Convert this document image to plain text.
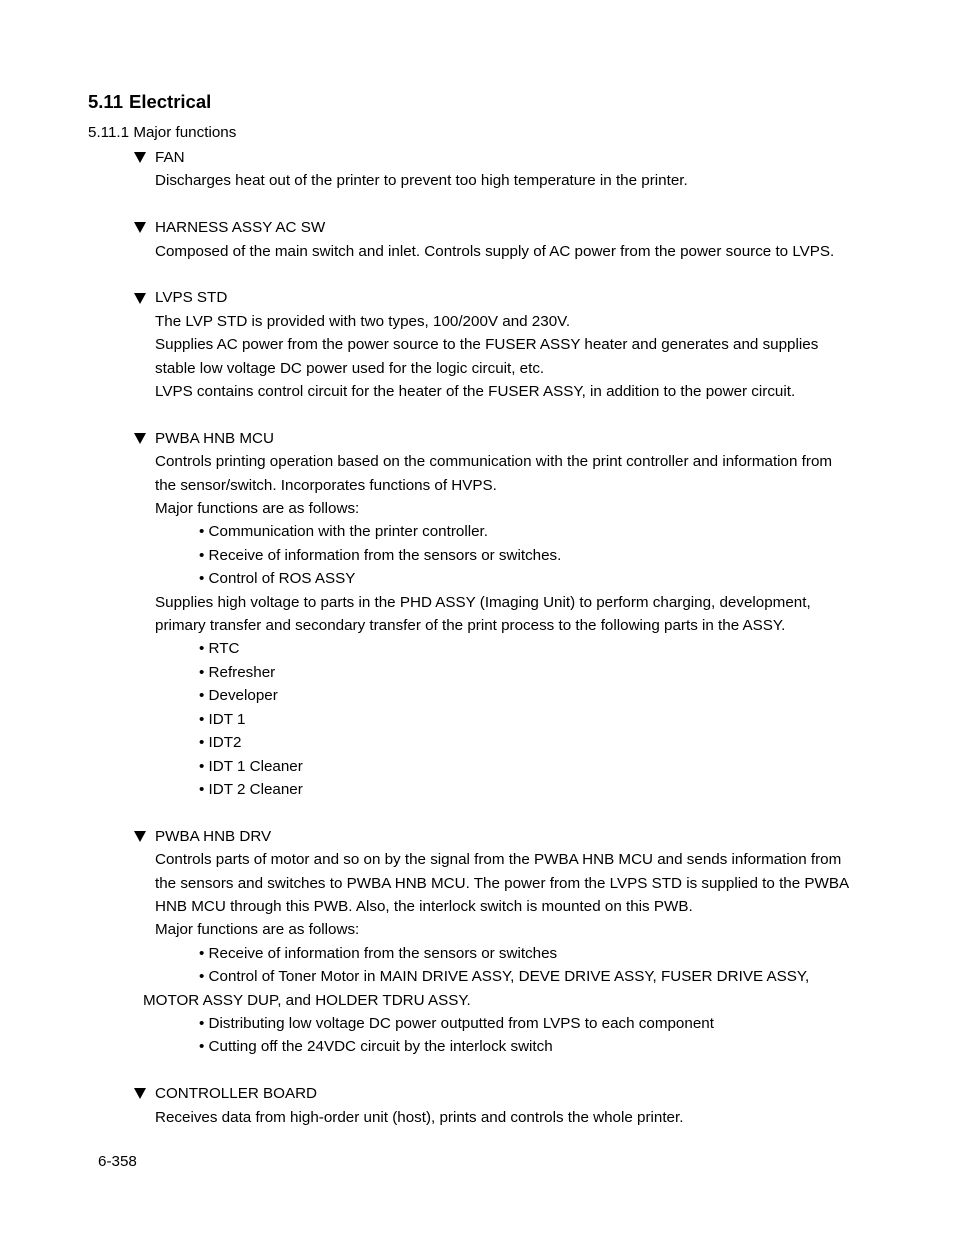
5.11 Electrical

5.11.1 Major functions

FAN
Discharges heat out of the printer to prevent too high temperature in the printer.
HARNESS ASSY AC SW
Composed of the main switch and inlet. Controls supply of AC power from the power source to LVPS.
LVPS STD
The LVP STD is provided with two types, 100/200V and 230V.
Supplies AC power from the power source to the FUSER ASSY heater and generates and supplies
stable low voltage DC power used for the logic circuit, etc.
LVPS contains control circuit for the heater of the FUSER ASSY, in addition to the power circuit.
PWBA HNB MCU
Controls printing operation based on the communication with the print controller and information from
the sensor/switch. Incorporates functions of HVPS.
Major functions are as follows:
• Communication with the printer controller.
• Receive of information from the sensors or switches.
• Control of ROS ASSY
Supplies high voltage to parts in the PHD ASSY (Imaging Unit) to perform charging, development,
primary transfer and secondary transfer of the print process to the following parts in the ASSY.
• RTC
• Refresher
• Developer
• IDT 1
• IDT2
• IDT 1 Cleaner
• IDT 2 Cleaner
PWBA HNB DRV
Controls parts of motor and so on by the signal from the PWBA HNB MCU and sends information from
the sensors and switches to PWBA HNB MCU. The power from the LVPS STD is supplied to the PWBA
HNB MCU through this PWB. Also, the interlock switch is mounted on this PWB.
Major functions are as follows:
• Receive of information from the sensors or switches
• Control of Toner Motor in MAIN DRIVE ASSY, DEVE DRIVE ASSY, FUSER DRIVE ASSY,
MOTOR ASSY DUP, and HOLDER TDRU ASSY.
• Distributing low voltage DC power outputted from LVPS to each component
• Cutting off the 24VDC circuit by the interlock switch
CONTROLLER BOARD
Receives data from high-order unit (host), prints and controls the whole printer.

6-358
